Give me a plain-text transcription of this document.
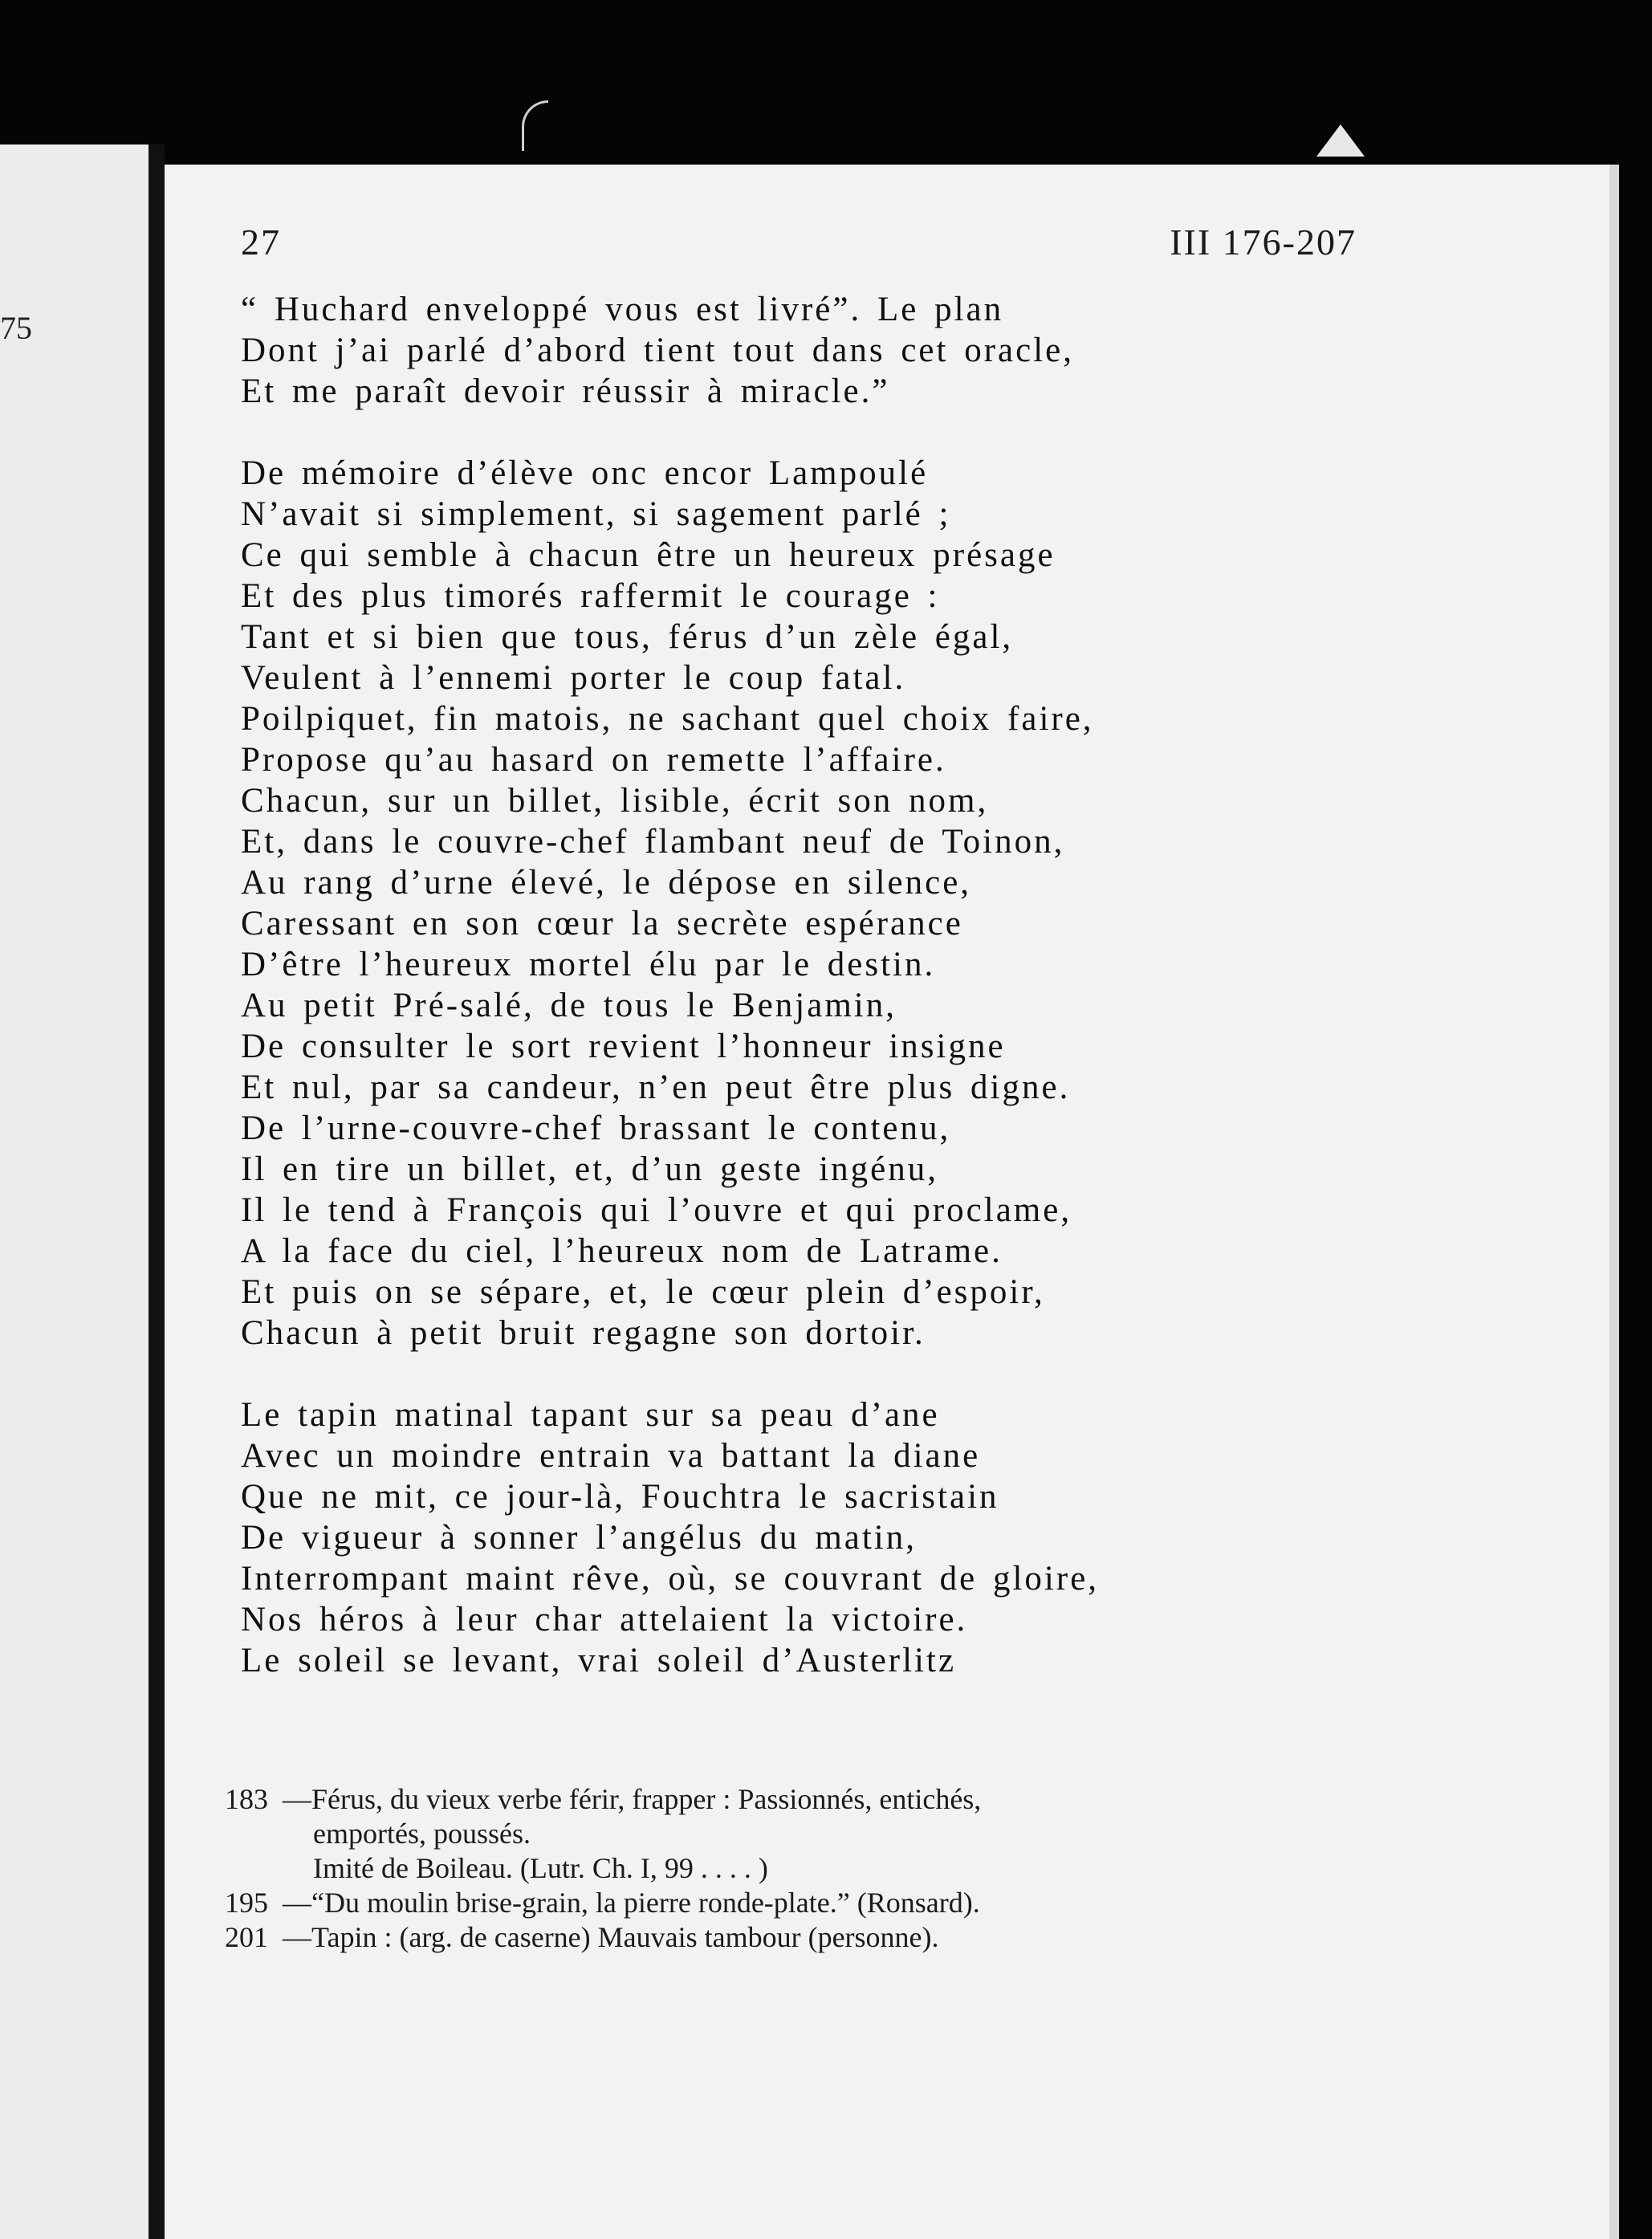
75
27	III 176-207
“ Huchard enveloppé vous est livré”. Le plan
Dont j’ai parlé d’abord tient tout dans cet oracle,
Et me paraît devoir réussir à miracle.”
De mémoire d’élève onc encor Lampoulé
N’avait si simplement, si sagement parlé ;
Ce qui semble à chacun être un heureux présage
Et des plus timorés raffermit le courage :
Tant et si bien que tous, férus d’un zèle égal,
Veulent à l’ennemi porter le coup fatal.
Poilpiquet, fin matois, ne sachant quel choix faire,
Propose qu’au hasard on remette l’affaire.
Chacun, sur un billet, lisible, écrit son nom,
Et, dans le couvre-chef flambant neuf de Toinon,
Au rang d’urne élevé, le dépose en silence,
Caressant en son cœur la secrète espérance
D’être l’heureux mortel élu par le destin.
Au petit Pré-salé, de tous le Benjamin,
De consulter le sort revient l’honneur insigne
Et nul, par sa candeur, n’en peut être plus digne.
De l’urne-couvre-chef brassant le contenu,
Il en tire un billet, et, d’un geste ingénu,
Il le tend à François qui l’ouvre et qui proclame,
A la face du ciel, l’heureux nom de Latrame.
Et puis on se sépare, et, le cœur plein d’espoir,
Chacun à petit bruit regagne son dortoir.
Le tapin matinal tapant sur sa peau d’ane
Avec un moindre entrain va battant la diane
Que ne mit, ce jour-là, Fouchtra le sacristain
De vigueur à sonner l’angélus du matin,
Interrompant maint rêve, où, se couvrant de gloire,
Nos héros à leur char attelaient la victoire.
Le soleil se levant, vrai soleil d’Austerlitz
183 —Férus, du vieux verbe férir, frapper : Passionnés, entichés,
emportés, poussés.
Imité de Boileau. (Lutr. Ch. I, 99 . . . . )
195 —“Du moulin brise-grain, la pierre ronde-plate.” (Ronsard).
201 —Tapin : (arg. de caserne) Mauvais tambour (personne).
